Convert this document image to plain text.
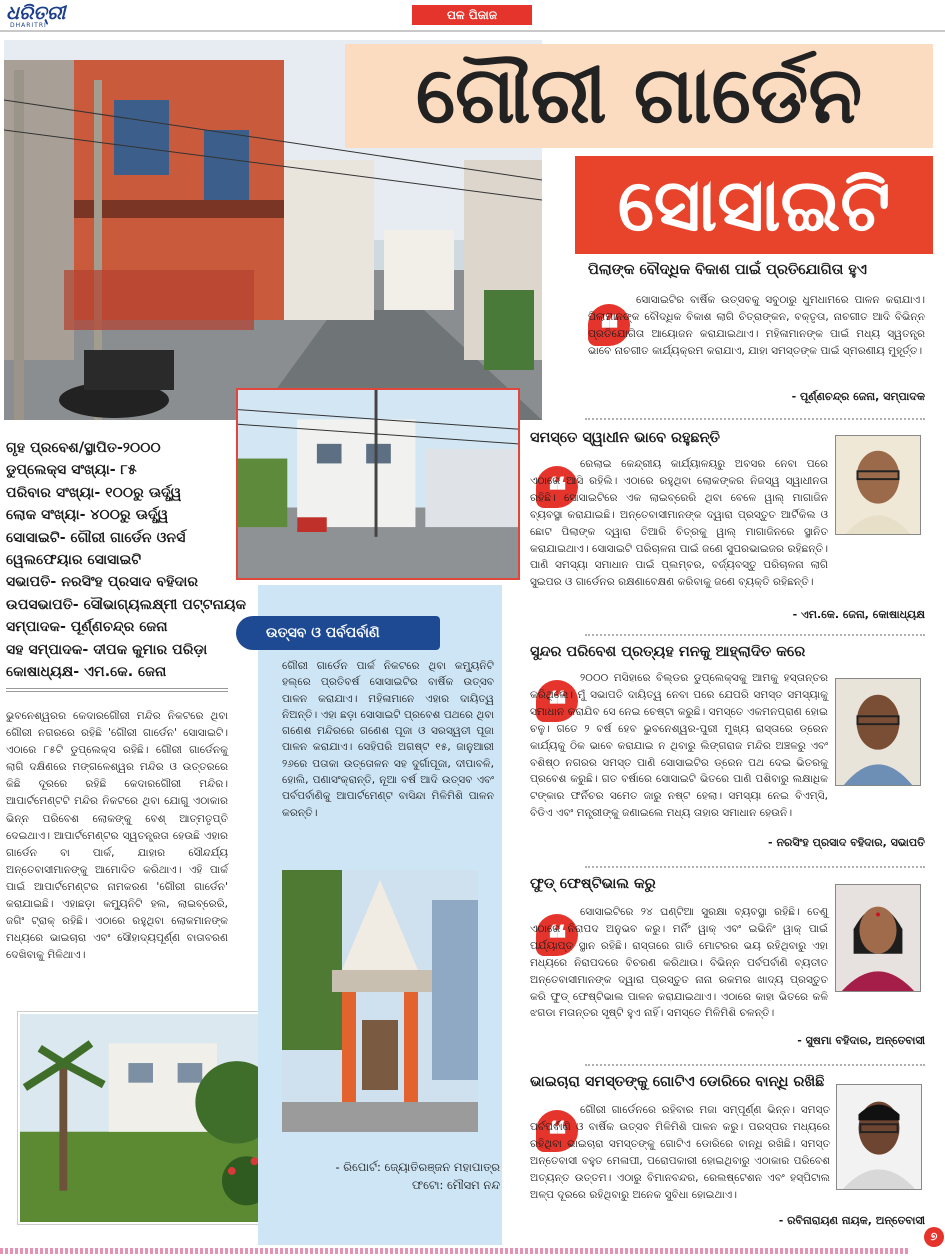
ଧରିତ୍ରୀ
DHARITRI
ପଳ ପିଜାଜ
ଗୌରୀ ଗାର୍ଡେନ
ସୋସାଇଟି
ପିଲାଙ୍କ ବୌଦ୍ଧିକ ବିକାଶ ପାଇଁ ପ୍ରତିଯୋଗିତା ହୁଏ
❝
ସୋସାଇଟିର ବାର୍ଷିକ ଉତ୍ସବକୁ ସବୁଠାରୁ ଧୁମଧାମରେ ପାଳନ କରାଯାଏ। ପିଲାମାନଙ୍କ ବୌଦ୍ଧିକ ବିକାଶ ଲାଗି ଚିତ୍ରାଙ୍କନ, ବକ୍ତୃତା, ନାଚଗୀତ ଆଦି ବିଭିନ୍ନ ପ୍ରତିଯୋଗିତା ଆୟୋଜନ କରାଯାଇଥାଏ। ମହିଳାମାନଙ୍କ ପାଇଁ ମଧ୍ୟ ସ୍ୱତନ୍ତ୍ର ଭାବେ ନାଚଗୀତ କାର୍ଯ୍ୟକ୍ରମ କରାଯାଏ, ଯାହା ସମସ୍ତଙ୍କ ପାଇଁ ସ୍ମରଣୀୟ ମୁହୂର୍ତ୍ତ।
- ପୂର୍ଣ୍ଣଚନ୍ଦ୍ର ଜେନା, ସମ୍ପାଦକ
ସମସ୍ତେ ସ୍ୱାଧୀନ ଭାବେ ରହୁଛନ୍ତି
❝
ରେଲାଇ କେନ୍ଦ୍ରୀୟ କାର୍ଯ୍ୟାଳୟରୁ ଅବସର ନେବା ପରେ ଏଠାରେ ଆସି ରହିଲି। ଏଠାରେ ରହୁଥିବା ଲୋକଙ୍କର ନିଜସ୍ୱ ସ୍ୱାଧୀନତା ରହିଛି। ସୋସାଇଟିରେ ଏକ ଲାଇବ୍ରେରି ଥିବା ବେଳେ ୱାଲ୍ ମାଗାଜିନ ବ୍ୟବସ୍ଥା କରାଯାଇଛି। ଅନ୍ତେବାସୀମାନଙ୍କ ଦ୍ୱାରା ପ୍ରସ୍ତୁତ ଆର୍ଟିକିଲ ଓ ଛୋଟ ପିଲାଙ୍କ ଦ୍ୱାରା ତିଆରି ଚିତ୍ରକୁ ୱାଲ୍ ମାଗାଜିନରେ ସ୍ଥାନିତ କରାଯାଇଥାଏ। ସୋସାଇଟି ପରିଚାଳନା ପାଇଁ ଜଣେ ସୁପରଭାଇଜର ରହିଛନ୍ତି। ପାଣି ସମସ୍ୟା ସମାଧାନ ପାଇଁ ପ୍ଲମ୍ବର, ବର୍ଜ୍ୟବସ୍ତୁ ପରିଚାଳନା ଲାଗି ସୁଇପର ଓ ଗାର୍ଡେନର ରକ୍ଷଣାବେକ୍ଷଣ କରିବାକୁ ଜଣେ ବ୍ୟକ୍ତି ରହିଛନ୍ତି।
- ଏମ.କେ. ଜେନା, କୋଷାଧ୍ୟକ୍ଷ
ଗୃହ ପ୍ରବେଶ/ସ୍ଥାପିତ-୨୦୦୦
ଡୁପ୍ଲେକ୍ସ ସଂଖ୍ୟା- ୮୫
ପରିବାର ସଂଖ୍ୟା- ୧୦୦ରୁ ଊର୍ଦ୍ଧ୍ୱ
ଲୋକ ସଂଖ୍ୟା- ୪୦୦ରୁ ଊର୍ଦ୍ଧ୍ୱ
ସୋସାଇଟି- ଗୌରୀ ଗାର୍ଡେନ ଓନର୍ସ
ୱେଲଫେୟାର ସୋସାଇଟି
ସଭାପତି- ନରସିଂହ ପ୍ରସାଦ ବହିଦାର
ଉପସଭାପତି- ସୌଭାଗ୍ୟଲକ୍ଷ୍ମୀ ପଟ୍ଟନାୟକ
ସମ୍ପାଦକ- ପୂର୍ଣ୍ଣଚନ୍ଦ୍ର ଜେନା
ସହ ସମ୍ପାଦକ- ଦୀପକ କୁମାର ପରିଡ଼ା
କୋଷାଧ୍ୟକ୍ଷ- ଏମ.କେ. ଜେନା
ଭୁବନେଶ୍ୱରର କେଦାରଗୌରୀ ମନ୍ଦିର ନିକଟରେ ଥିବା ଗୌରୀ ନଗରରେ ରହିଛି 'ଗୌରୀ ଗାର୍ଡେନ' ସୋସାଇଟି। ଏଠାରେ ୮୫ଟି ଡୁପ୍ଲେକ୍ସ ରହିଛି। ଗୌରୀ ଗାର୍ଡେନକୁ ଲାଗି ଦକ୍ଷିଣରେ ମଙ୍ଗଳେଶ୍ୱର ମନ୍ଦିର ଓ ଉତ୍ତରରେ କିଛି ଦୂରରେ ରହିଛି କେଦାରଗୌରୀ ମନ୍ଦିର। ଆପାର୍ଟମେଣ୍ଟଟି ମନ୍ଦିର ନିକଟରେ ଥିବା ଯୋଗୁ ଏଠାକାର ଭିନ୍ନ ପରିବେଶ ଲୋକଙ୍କୁ ବେଶ୍ ଆତ୍ମତୃପ୍ତି ଦେଇଥାଏ। ଆପାର୍ଟମେଣ୍ଟର ସ୍ୱତନ୍ତ୍ରତା ହେଉଛି ଏହାର ଗାର୍ଡେନ ବା ପାର୍କ, ଯାହାର ସୌନ୍ଦର୍ଯ୍ୟ ଅନ୍ତେବାସୀମାନଙ୍କୁ ଆମୋଦିତ କରିଥାଏ। ଏହି ପାର୍କ ପାଇଁ ଆପାର୍ଟମେଣ୍ଟର ନାମକରଣ 'ଗୌରୀ ଗାର୍ଡେନ' କରାଯାଇଛି। ଏହାଛଡ଼ା କମ୍ୟୁନିଟି ହଲ, ଲାଇବ୍ରେରି, ଜଗିଂ ଟ୍ରାକ୍ ରହିଛି। ଏଠାରେ ରହୁଥିବା ଲୋକମାନଙ୍କ ମଧ୍ୟରେ ଭାଇଚାରା ଏବଂ ସୌହାଦ୍ୟପୂର୍ଣ୍ଣ ବାତାବରଣ ଦେଖିବାକୁ ମିଳିଥାଏ।
ଉତ୍ସବ ଓ ପର୍ବପର୍ବାଣି
ଗୌରୀ ଗାର୍ଡେନ ପାର୍କ ନିକଟରେ ଥିବା କମ୍ୟୁନିଟି ହଲ୍‌ରେ ପ୍ରତିବର୍ଷ ସୋସାଇଟିର ବାର୍ଷିକ ଉତ୍ସବ ପାଳନ କରାଯାଏ। ମହିଳାମାନେ ଏହାର ଦାୟିତ୍ୱ ନିଅନ୍ତି। ଏହା ଛଡ଼ା ସୋସାଇଟି ପ୍ରବେଶ ପଥରେ ଥିବା ଗଣେଶ ମନ୍ଦିରରେ ଗଣେଶ ପୂଜା ଓ ସରସ୍ୱତୀ ପୂଜା ପାଳନ କରାଯାଏ। ସେହିପରି ଅଗଷ୍ଟ ୧୫, ଜାନୁଆରୀ ୨୬ରେ ପତାକା ଉତ୍ତୋଳନ ସହ ଦୁର୍ଗାପୂଜା, ଦୀପାବଳି, ହୋଲି, ପଣାସଂକ୍ରାନ୍ତି, ନୂଆ ବର୍ଷ ଆଦି ଉତ୍ସବ ଏବଂ ପର୍ବପର୍ବାଣିକୁ ଆପାର୍ଟମେଣ୍ଟ ବାସିନ୍ଦା ମିଳିମିଶି ପାଳନ କରନ୍ତି।
- ରିପୋର୍ଟ: ଜ୍ୟୋତିରଞ୍ଜନ ମହାପାତ୍ର
ଫଟୋ: ମୌସମ ନନ୍ଦ
ସୁନ୍ଦର ପରିବେଶ ପ୍ରତ୍ୟହ ମନକୁ ଆହ୍ଲାଦିତ କରେ
❝
୨୦୦୦ ମସିହାରେ ବିଲ୍ଡର ଡୁପ୍ଲେକ୍ସକୁ ଆମକୁ ହସ୍ତାନ୍ତର କରିଥିଲେ। ମୁଁ ସଭାପତି ଦାୟିତ୍ୱ ନେବା ପରେ ଯେପରି ସମସ୍ତ ସମସ୍ୟାକୁ ସମାଧାନ କରାଯିବ ସେ ନେଇ ଚେଷ୍ଟା କରୁଛି। ସମସ୍ତେ ଏକମନପ୍ରାଣ ହୋଇ ଚଳୁ। ଗତେ ୨ ବର୍ଷ ହେବ ଭୁବନେଶ୍ୱର-ପୁରୀ ମୁଖ୍ୟ ରାସ୍ତାରେ ଡ୍ରେନ କାର୍ଯ୍ୟକୁ ଠିକ ଭାବେ କରାଯାଇ ନ ଥିବାରୁ ଲିଙ୍ଗରାଜ ମନ୍ଦିର ଅଞ୍ଚଳରୁ ଏବଂ ବଶିଷ୍ଠ ନଗରର ସମସ୍ତ ପାଣି ସୋସାଇଟିର ଡ୍ରେନ ପଥ ଦେଇ ଭିତରକୁ ପ୍ରବେଶ କରୁଛି। ଗତ ବର୍ଷାରେ ସୋସାଇଟି ଭିତରେ ପାଣି ପଶିବାରୁ ଲକ୍ଷାଧିକ ଟଙ୍କାର ଫର୍ନିଚର ସମେତ ଜାରୁ ନଷ୍ଟ ହେଲା। ସମସ୍ୟା ନେଇ ବିଏମ୍‌ସି, ବିଡିଏ ଏବଂ ମନ୍ତ୍ରୀଙ୍କୁ ଜଣାଇଲେ ମଧ୍ୟ ତାହାର ସମାଧାନ ହେଉନି।
- ନରସିଂହ ପ୍ରସାଦ ବହିଦାର, ସଭାପତି
ଫୁଡ୍ ଫେଷ୍ଟିଭାଲ କରୁ
❝
ସୋସାଇଟିରେ ୨୪ ଘଣ୍ଟିଆ ସୁରକ୍ଷା ବ୍ୟବସ୍ଥା ରହିଛି। ତେଣୁ ଏଠାରେ ନିରାପଦ ଅନୁଭବ କରୁ। ମର୍ନିଂ ୱାକ୍ ଏବଂ ଇଭିନିଂ ୱାକ୍ ପାଇଁ ପର୍ଯ୍ୟାପ୍ତ ସ୍ଥାନ ରହିଛି। ରାସ୍ତାରେ ଗାଡି ମୋଟରର ଭୟ ରହିଥିବାରୁ ଏହା ମଧ୍ୟରେ ନିରାପଦରେ ବିଚରଣ କରିଥାଉ। ବିଭିନ୍ନ ପର୍ବପର୍ବାଣି ବ୍ୟତୀତ ଅନ୍ତେବାସୀମାନଙ୍କ ଦ୍ୱାରା ପ୍ରସ୍ତୁତ ନାନା ରକମର ଖାଦ୍ୟ ପ୍ରସ୍ତୁତ କରି ଫୁଡ୍ ଫେଷ୍ଟିଭାଲ ପାଳନ କରାଯାଇଥାଏ। ଏଠାରେ କାହା ଭିତରେ କଳି ଝଗଡା ମତାନ୍ତର ସୃଷ୍ଟି ହୁଏ ନାହିଁ। ସମସ୍ତେ ମିଳିମିଶି ଚଳନ୍ତି।
- ସୁଷମା ବହିଦାର, ଅନ୍ତେବାସୀ
ଭାଇଚାରା ସମସ୍ତଙ୍କୁ ଗୋଟିଏ ଡୋରିରେ ବାନ୍ଧି ରଖିଛି
❝
ଗୌରୀ ଗାର୍ଡେନରେ ରହିବାର ମଜା ସମ୍ପୂର୍ଣ୍ଣ ଭିନ୍ନ। ସମସ୍ତ ପର୍ବପର୍ବାଣି ଓ ବାର୍ଷିକ ଉତ୍ସବ ମିଳିମିଶି ପାଳନ କରୁ। ପରସ୍ପର ମଧ୍ୟରେ ରହିଥିବା ଭାଇଚାରା ସମସ୍ତଙ୍କୁ ଗୋଟିଏ ଡୋରିରେ ବାନ୍ଧି ରଖିଛି। ସମସ୍ତ ଅନ୍ତେବାସୀ ବହୁତ ମେଳାପୀ, ପରୋପକାରୀ ହୋଇଥିବାରୁ ଏଠାକାର ପରିବେଶ ଅତ୍ୟନ୍ତ ଉତ୍ତମ। ଏଠାରୁ ବିମାନବନ୍ଦର, ରେଲଷ୍ଟେଶନ ଏବଂ ହସ୍ପିଟାଲ ଅଳ୍ପ ଦୂରରେ ରହିଥିବାରୁ ଅନେକ ସୁବିଧା ହୋଇଥାଏ।
- ରବିନାରାୟଣ ନାୟକ, ଅନ୍ତେବାସୀ
୭
